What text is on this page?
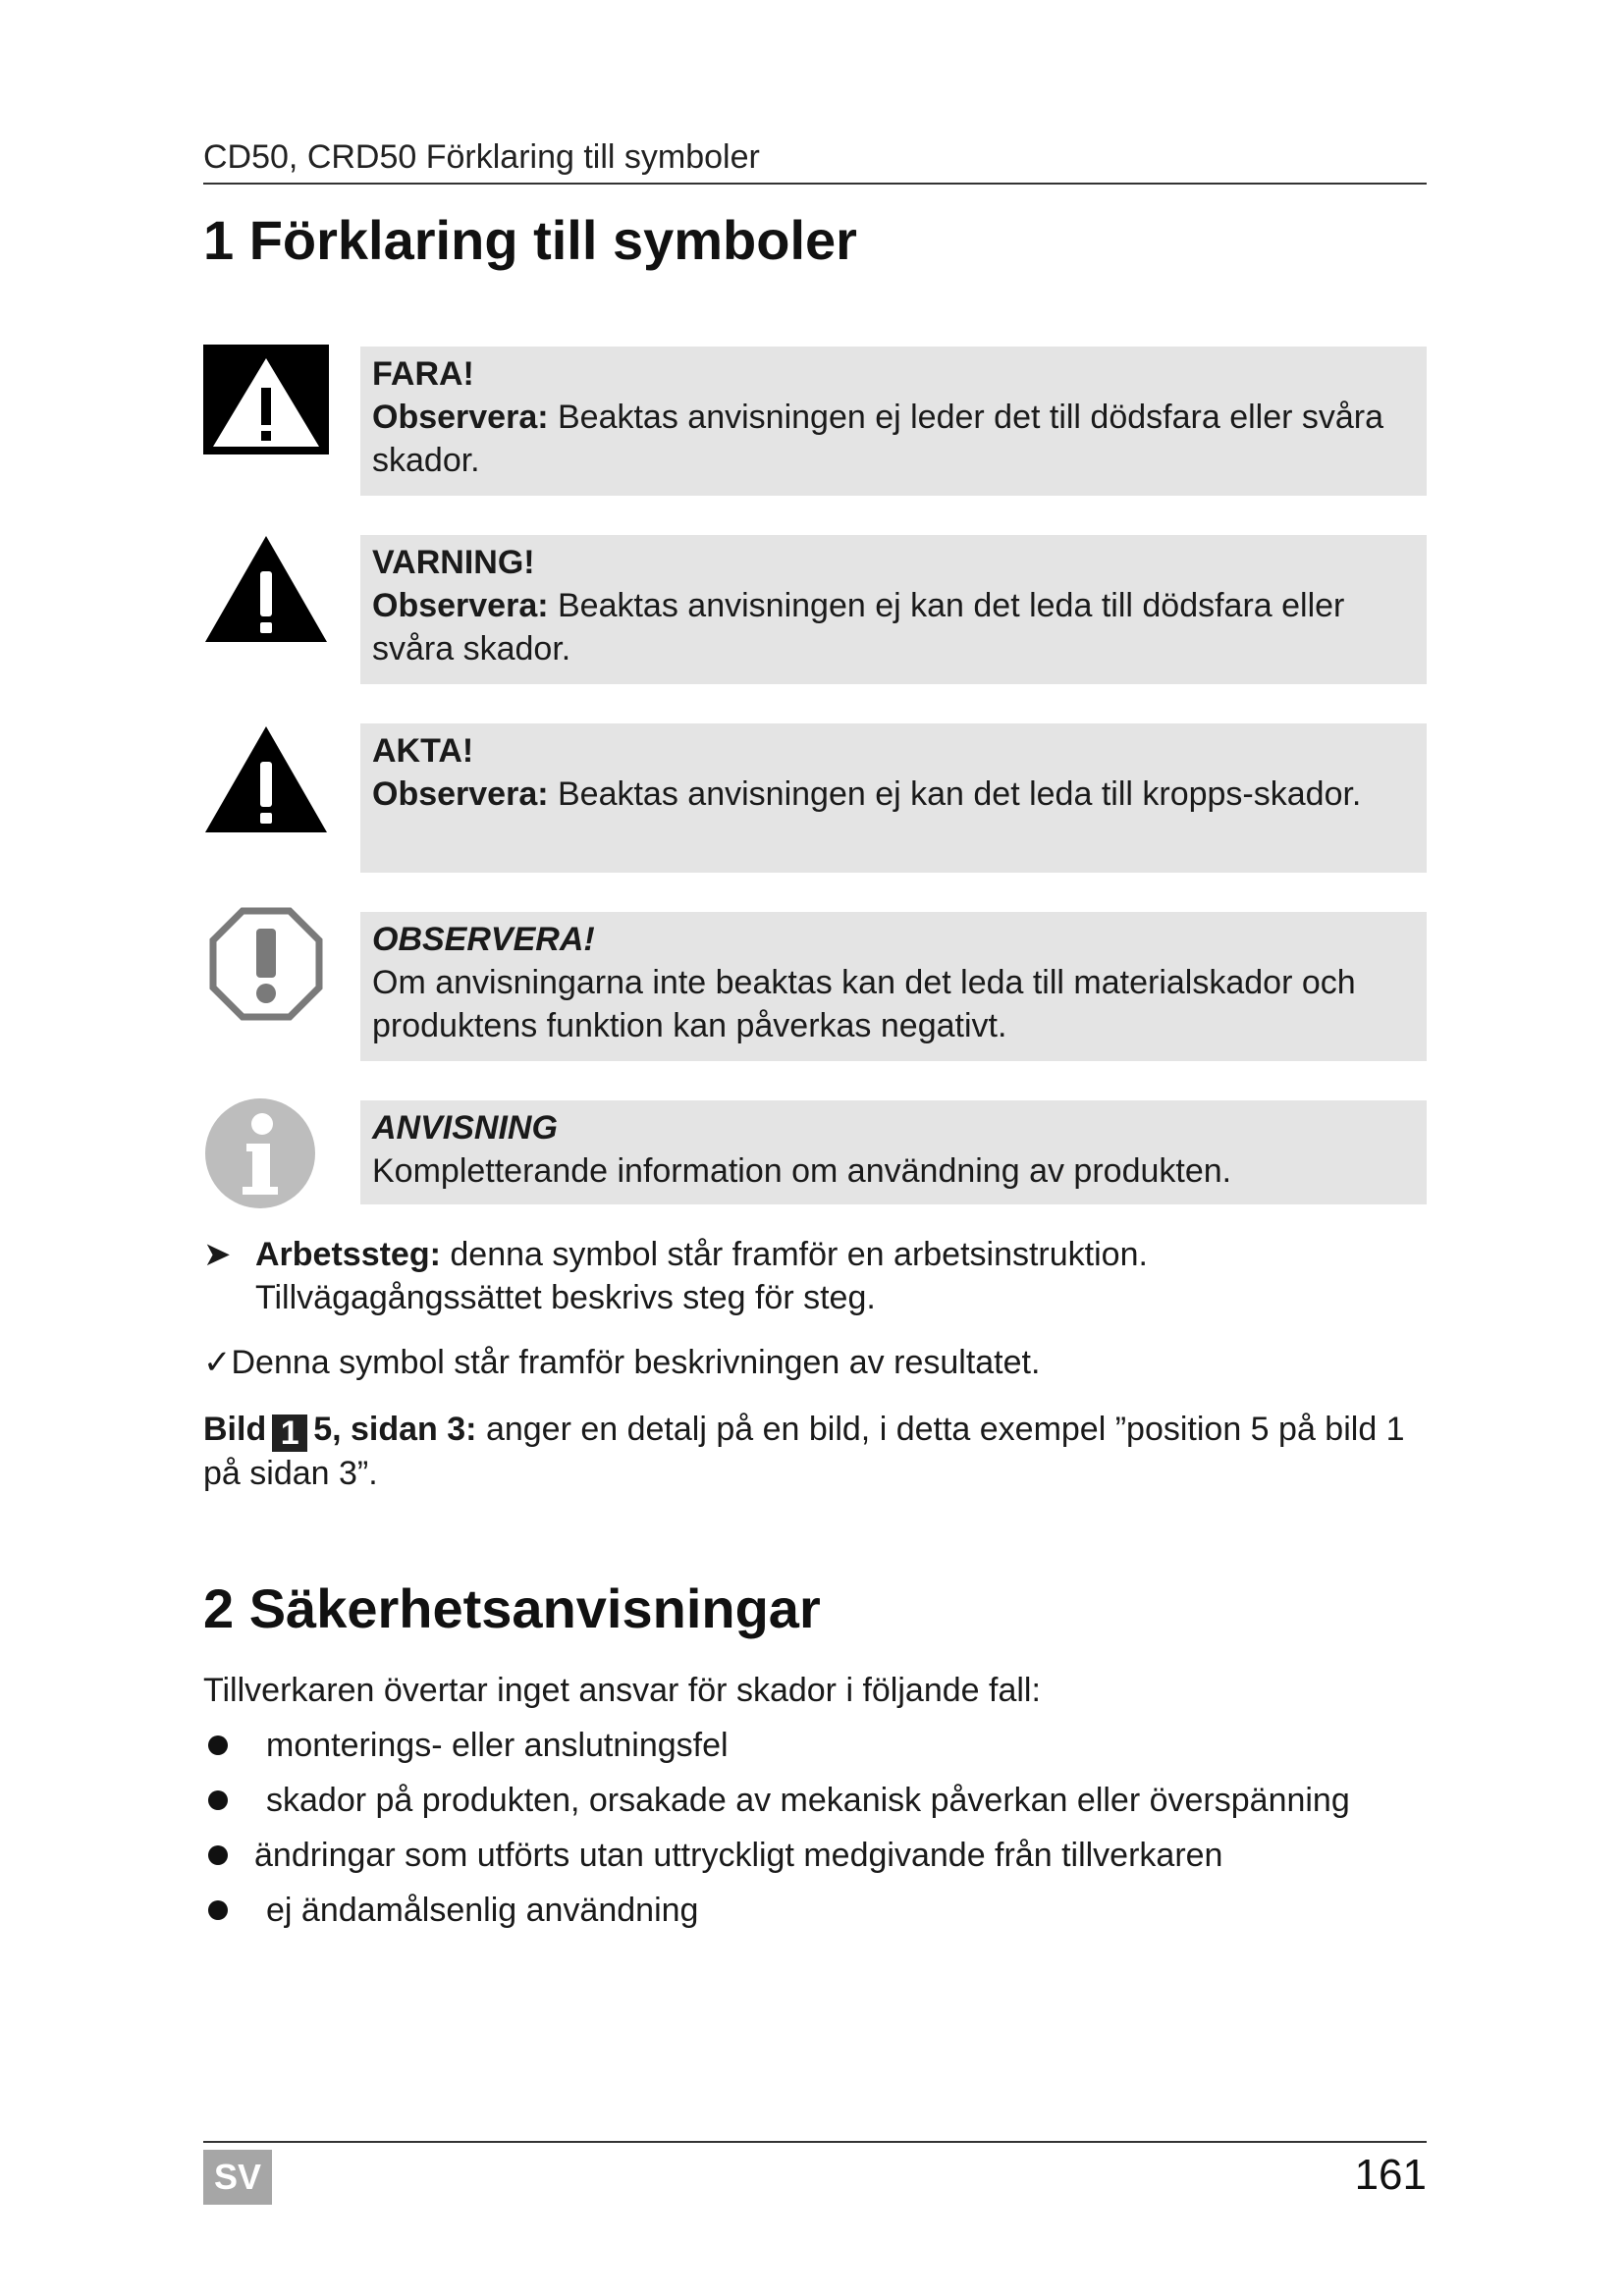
CD50, CRD50 Förklaring till symboler
1 Förklaring till symboler
FARA!
Observera: Beaktas anvisningen ej leder det till dödsfara eller svåra skador.
VARNING!
Observera: Beaktas anvisningen ej kan det leda till dödsfara eller svåra skador.
AKTA!
Observera: Beaktas anvisningen ej kan det leda till kropps-skador.
OBSERVERA!
Om anvisningarna inte beaktas kan det leda till materialskador och produktens funktion kan påverkas negativt.
ANVISNING
Kompletterande information om användning av produkten.
➤ Arbetssteg: denna symbol står framför en arbetsinstruktion. Tillvägagångssättet beskrivs steg för steg.
✓Denna symbol står framför beskrivningen av resultatet.
Bild 1 5, sidan 3: anger en detalj på en bild, i detta exempel ”position 5 på bild 1 på sidan 3”.
2 Säkerhetsanvisningar
Tillverkaren övertar inget ansvar för skador i följande fall:
monterings- eller anslutningsfel
skador på produkten, orsakade av mekanisk påverkan eller överspänning
ändringar som utförts utan uttryckligt medgivande från tillverkaren
ej ändamålsenlig användning
SV	161
